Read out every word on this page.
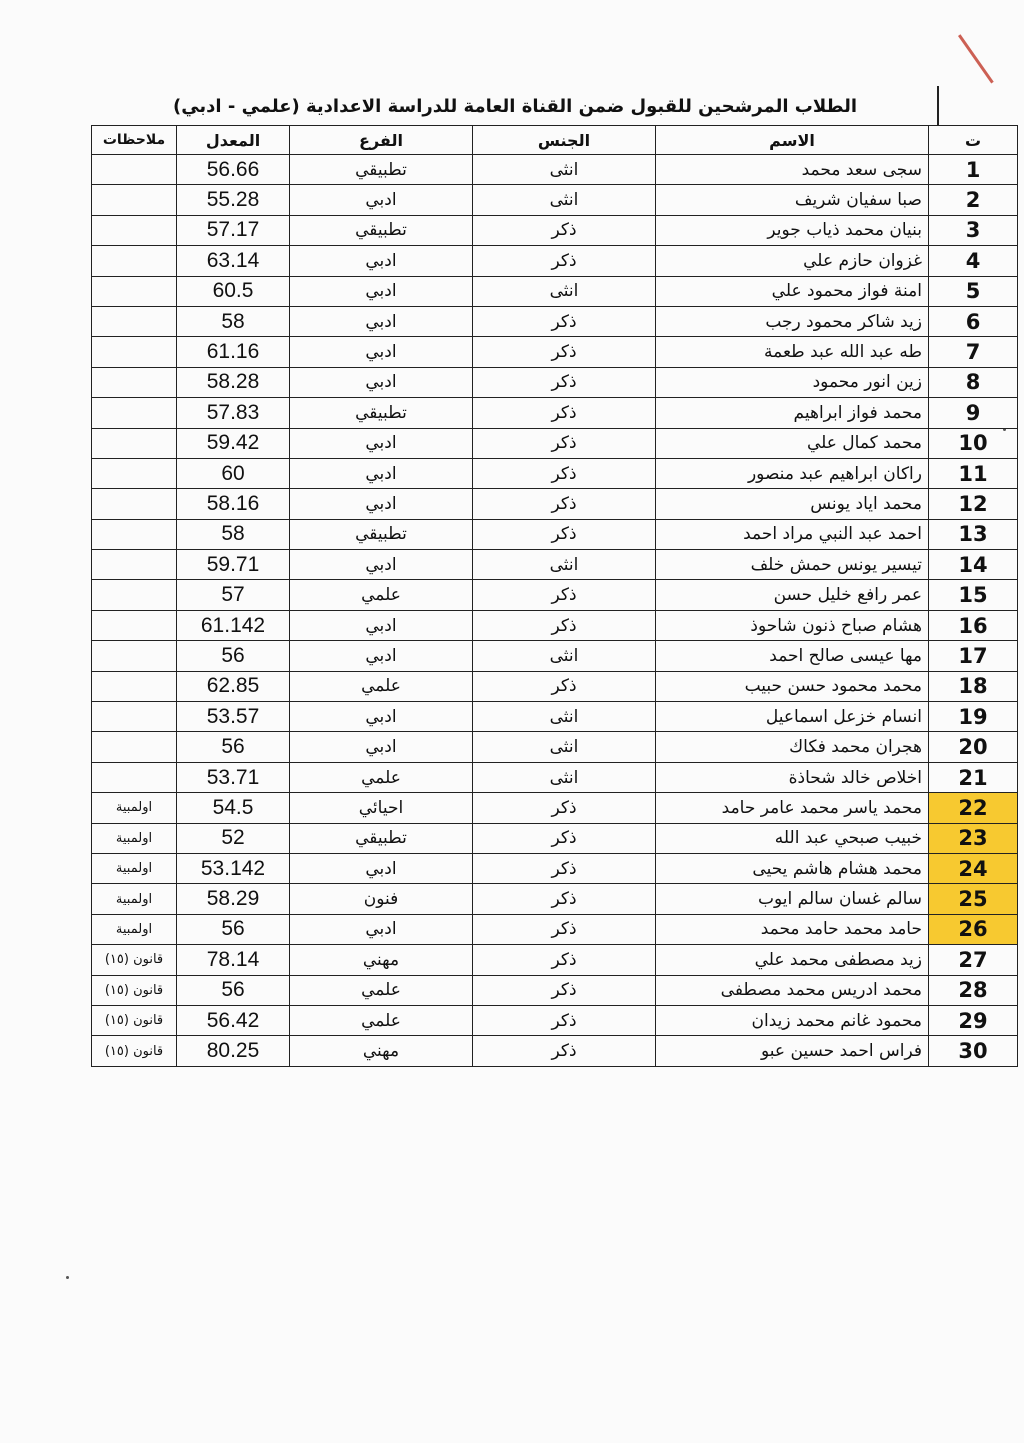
الطلاب المرشحين للقبول ضمن القناة العامة للدراسة الاعدادية (علمي - ادبي)
ت	الاسم	الجنس	الفرع	المعدل	ملاحظات
1	سجى سعد محمد	انثى	تطبيقي	56.66	
2	صبا سفيان شريف	انثى	ادبي	55.28	
3	بنيان محمد ذياب جوير	ذكر	تطبيقي	57.17	
4	غزوان حازم علي	ذكر	ادبي	63.14	
5	امنة فواز محمود علي	انثى	ادبي	60.5	
6	زيد شاكر محمود رجب	ذكر	ادبي	58	
7	طه عبد الله عبد طعمة	ذكر	ادبي	61.16	
8	زين انور محمود	ذكر	ادبي	58.28	
9	محمد فواز ابراهيم	ذكر	تطبيقي	57.83	
10	محمد كمال علي	ذكر	ادبي	59.42	
11	راكان ابراهيم عبد منصور	ذكر	ادبي	60	
12	محمد اياد يونس	ذكر	ادبي	58.16	
13	احمد عبد النبي مراد احمد	ذكر	تطبيقي	58	
14	تيسير يونس حمش خلف	انثى	ادبي	59.71	
15	عمر رافع خليل حسن	ذكر	علمي	57	
16	هشام صباح ذنون شاحوذ	ذكر	ادبي	61.142	
17	مها عيسى صالح احمد	انثى	ادبي	56	
18	محمد محمود حسن حبيب	ذكر	علمي	62.85	
19	انسام خزعل اسماعيل	انثى	ادبي	53.57	
20	هجران محمد فكاك	انثى	ادبي	56	
21	اخلاص خالد شحاذة	انثى	علمي	53.71	
22	محمد ياسر محمد عامر حامد	ذكر	احيائي	54.5	اولمبية
23	خبيب صبحي عبد الله	ذكر	تطبيقي	52	اولمبية
24	محمد هشام هاشم يحيى	ذكر	ادبي	53.142	اولمبية
25	سالم غسان سالم ايوب	ذكر	فنون	58.29	اولمبية
26	حامد محمد حامد محمد	ذكر	ادبي	56	اولمبية
27	زيد مصطفى محمد علي	ذكر	مهني	78.14	قانون (١٥)
28	محمد ادريس محمد مصطفى	ذكر	علمي	56	قانون (١٥)
29	محمود غانم محمد زيدان	ذكر	علمي	56.42	قانون (١٥)
30	فراس احمد حسين عبو	ذكر	مهني	80.25	قانون (١٥)
